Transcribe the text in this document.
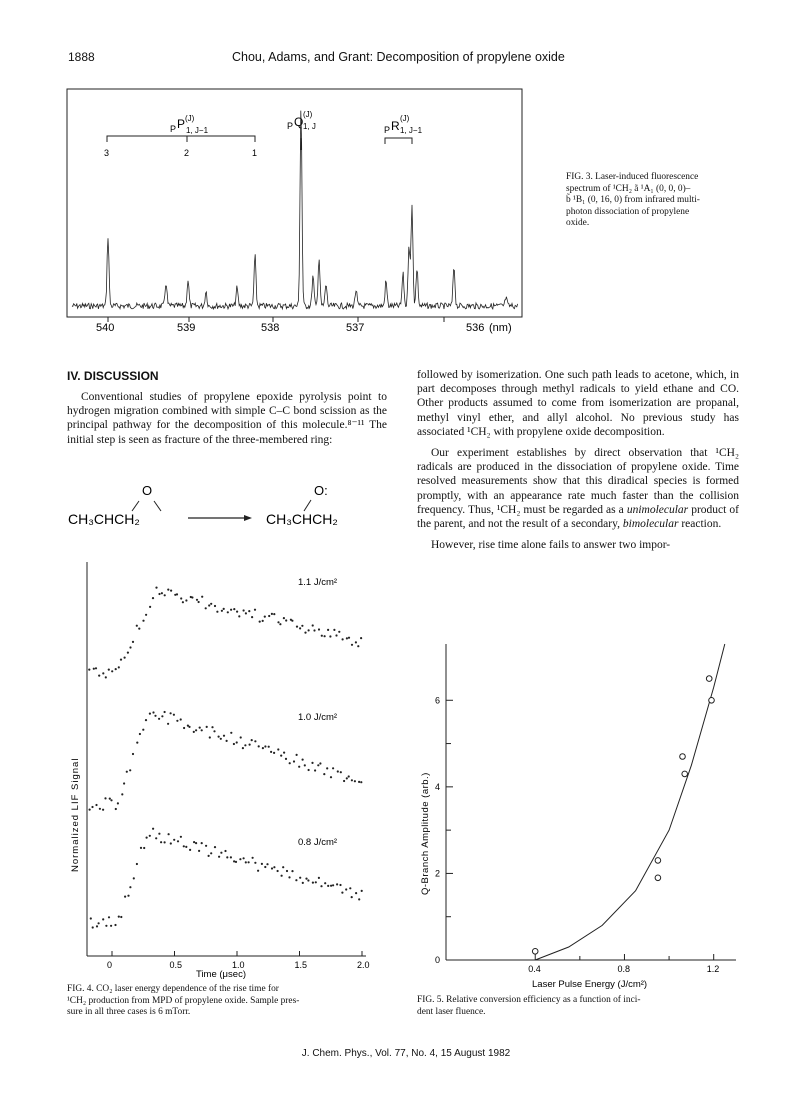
1888	Chou, Adams, and Grant: Decomposition of propylene oxide
P P (J)
1, J−1	P Q
(J)
1, J	P R
(J)
1, J−1
3	2	1
540	539	538	537	536 (nm)
FIG. 3. Laser-induced fluorescence
spectrum of ¹CH₂ ã ¹A₁ (0, 0, 0)–
b̃ ¹B₁ (0, 16, 0) from infrared multi-
photon dissociation of propylene
oxide.
IV. DISCUSSION

Conventional studies of propylene epoxide pyrolysis point to hydrogen migration combined with simple C–C bond scission as the principal pathway for the decomposition of this molecule.⁸⁻¹¹ The initial step is seen as fracture of the three-membered ring:

O
CH₃CHCH₂
O:
CH₃CHCH₂
0	0.5	1.0	1.5	2.0
1.1 J/cm²
1.0 J/cm²
0.8 J/cm²
Normalized LIF Signal
Time (μsec)
FIG. 4. CO₂ laser energy dependence of the rise time for
¹CH₂ production from MPD of propylene oxide. Sample pres-
sure in all three cases is 6 mTorr.

followed by isomerization. One such path leads to acetone, which, in part decomposes through methyl radicals to yield ethane and CO. Other products assumed to come from isomerization are propanal, methyl vinyl ether, and allyl alcohol. No previous study has associated ¹CH₂ with propylene oxide decomposition.

Our experiment establishes by direct observation that ¹CH₂ radicals are produced in the dissociation of propylene oxide. Time resolved measurements show that this diradical species is formed promptly, with an appearance rate much faster than the collision frequency. Thus, ¹CH₂ must be regarded as a unimolecular product of the parent, and not the result of a secondary, bimolecular reaction.

However, rise time alone fails to answer two impor-

0
2
4
6
0.4	0.8	1.2
Q-Branch Amplitude (arb.)
Laser Pulse Energy (J/cm²)
FIG. 5. Relative conversion efficiency as a function of inci-
dent laser fluence.
J. Chem. Phys., Vol. 77, No. 4, 15 August 1982
